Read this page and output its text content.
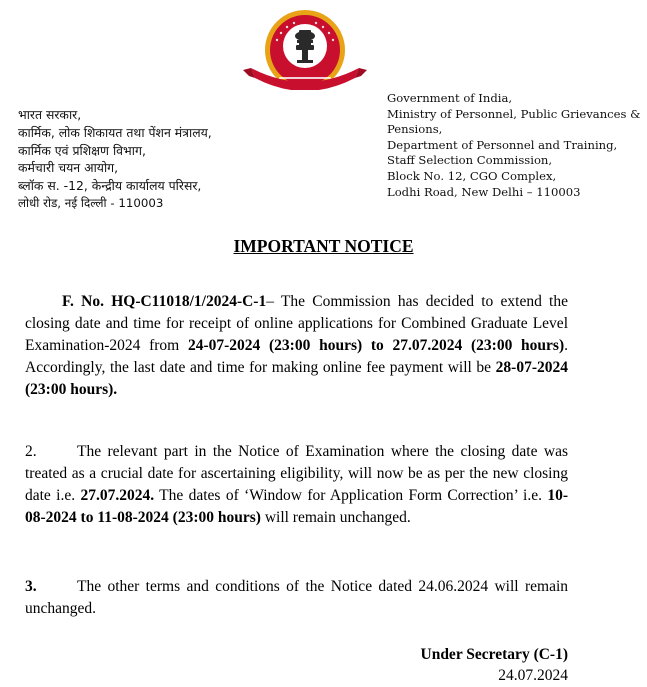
भारत सरकार,
कार्मिक, लोक शिकायत तथा पेंशन मंत्रालय,
कार्मिक एवं प्रशिक्षण विभाग,
कर्मचारी चयन आयोग,
ब्लॉक स. -12, केन्द्रीय कार्यालय परिसर,
लोधी रोड, नई दिल्ली - 110003
Government of India,
Ministry of Personnel, Public Grievances &
Pensions,
Department of Personnel and Training,
Staff Selection Commission,
Block No. 12, CGO Complex,
Lodhi Road, New Delhi – 110003
IMPORTANT NOTICE
F. No. HQ-C11018/1/2024-C-1– The Commission has decided to extend the closing date and time for receipt of online applications for Combined Graduate Level Examination-2024 from 24-07-2024 (23:00 hours) to 27.07.2024 (23:00 hours). Accordingly, the last date and time for making online fee payment will be 28-07-2024 (23:00 hours).
2.	The relevant part in the Notice of Examination where the closing date was treated as a crucial date for ascertaining eligibility, will now be as per the new closing date i.e. 27.07.2024. The dates of ‘Window for Application Form Correction’ i.e. 10-08-2024 to 11-08-2024 (23:00 hours) will remain unchanged.
3.	The other terms and conditions of the Notice dated 24.06.2024 will remain unchanged.
Under Secretary (C-1)
24.07.2024
